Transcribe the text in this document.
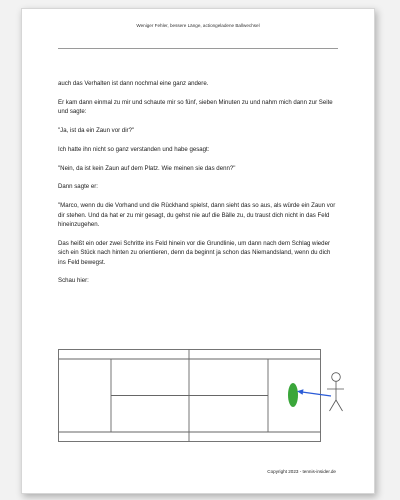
Weniger Fehler, bessere Länge, actiongeladene Ballwechsel

auch das Verhalten ist dann nochmal eine ganz andere.

Er kam dann einmal zu mir und schaute mir so fünf, sieben Minuten zu und nahm mich dann zur Seite und sagte:

"Ja, ist da ein Zaun vor dir?"

Ich hatte ihn nicht so ganz verstanden und habe gesagt:

"Nein, da ist kein Zaun auf dem Platz. Wie meinen sie das denn?"

Dann sagte er:

"Marco, wenn du die Vorhand und die Rückhand spielst, dann sieht das so aus, als würde ein Zaun vor dir stehen. Und da hat er zu mir gesagt, du gehst nie auf die Bälle zu, du traust dich nicht in das Feld hineinzugehen.

Das heißt ein oder zwei Schritte ins Feld hinein vor die Grundlinie, um dann nach dem Schlag wieder sich ein Stück nach hinten zu orientieren, denn da beginnt ja schon das Niemandsland, wenn du dich ins Feld bewegst.

Schau hier:

Copyright 2023 - tennis-insider.de
